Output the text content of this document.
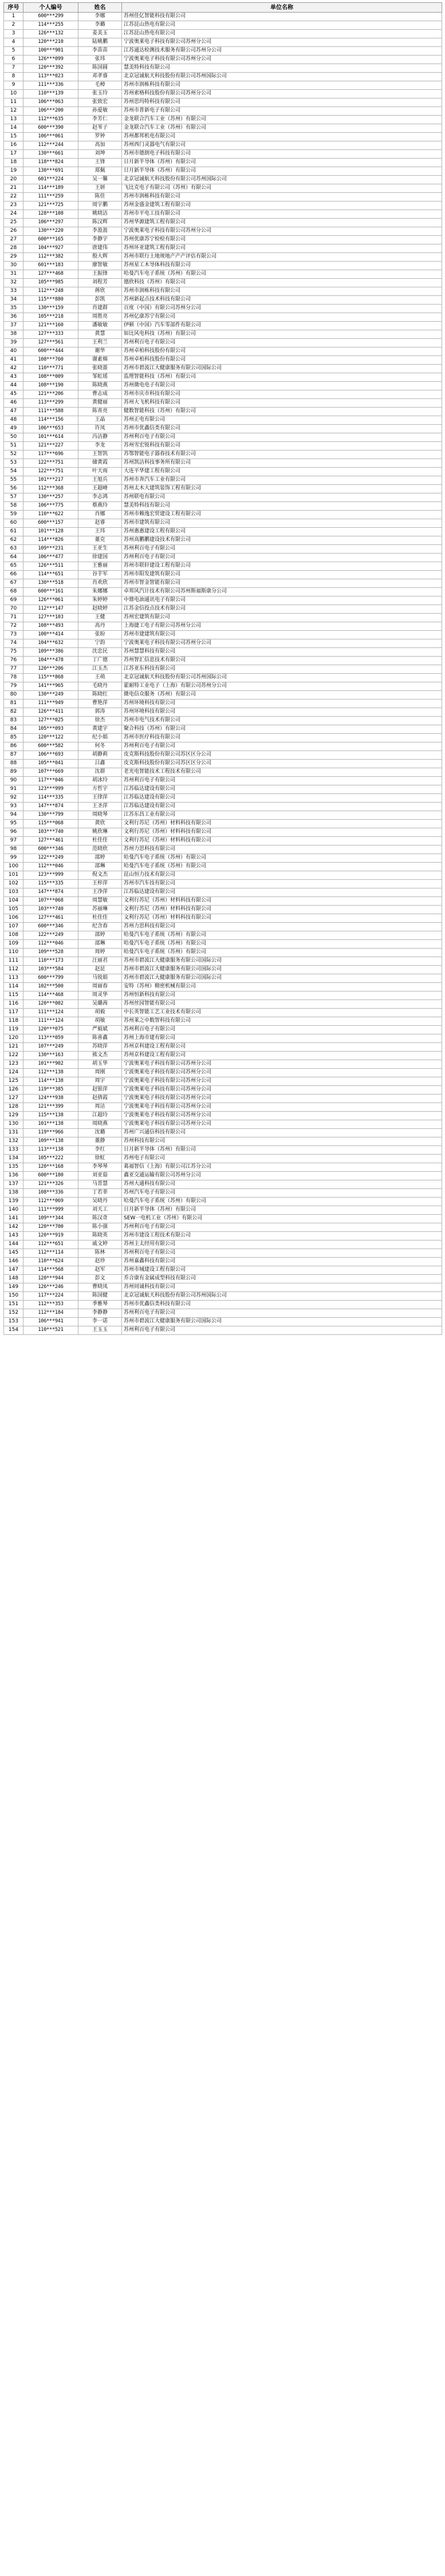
序号	个人编号	姓名	单位名称
1	600***299	李娜	苏州佳亿智能科技有限公司
2	114***255	李璐	江苏昆山热电有限公司
3	126***132	姜美玉	江苏昆山热电有限公司
4	120***210	陆姚鹏	宁波奥莱电子科技有限公司苏州分公司
5	100***901	李苗苗	江苏通达检测技术服务有限公司苏州分公司
6	126***099	张玮	宁波奥莱电子科技有限公司苏州分公司
7	120***392	陈国圆	慧美特科技有限公司
8	113***023	邓孝睿	北京冠诚航天科技股份有限公司苏州国际公司
9	111***336	毛樟	苏州市润栋科技有限公司
10	110***139	张玉玲	苏州索格科技股份有限公司苏州分公司
11	106***063	张致宏	苏州思玛特科技有限公司
12	106***200	孙爱敏	苏州市普新电子有限公司
13	112***635	李芳仁	金龙联合汽车工业（苏州）有限公司
14	600***390	赵苇子	金龙联合汽车工业（苏州）有限公司
15	106***061	罗钟	苏州都邦机电有限公司
16	112***244	高加	苏州西门灵器电气有限公司
17	130***661	刘坤	苏州市德朗电子科技有限公司
18	118***824	王锋	日月新半导体（苏州）有限公司
19	130***691	郑佩	日月新半导体（苏州）有限公司
20	601***224	吴一馨	北京冠诚航天科技股份有限公司苏州国际公司
21	114***189	王妍	飞比克电子有限公司（苏州）有限公司
22	111***259	陈佳	苏州市润栋科技有限公司
23	121***725	周宇鹏	苏州金盛金建筑工程有限公司
24	128***108	姚晓洁	苏州市平电工技有限公司
25	106***297	陈汉辉	苏州华源建筑工程有限公司
26	130***220	李盈盈	宁波奥莱电子科技有限公司苏州分公司
27	600***165	李静宇	苏州优康苏宁检检有限公司
28	104***927	唐建伟	苏州环亚建筑工程有限公司
29	112***382	殷大辉	苏州市联行土地规地产产产评估有限公司
30	601***183	廖智敏	苏州星工木导体科技有限公司
31	127***468	王振锋	哈曼汽车电子系统（苏州）有限公司
32	105***985	刘程芳	德欣科技（苏州）有限公司
33	112***248	蒋欣	苏州市润栋科技有限公司
34	115***880	彭凯	苏州新起点技术科技有限公司
35	130***159	肖建群	百度（中国）有限公司苏州分公司
36	105***218	周胜亮	苏州亿康苏宁有限公司
37	121***160	潘敏敏	伊顿（中国）汽车零部件有限公司
38	127***333	黄慧	如比风电科技（苏州）有限公司
39	127***561	王利兰	苏州利百电子有限公司
40	600***444	谢华	苏州卓柏科技股份有限公司
41	108***760	谢素棉	苏州卓柏科技股份有限公司
42	110***771	张晓蔷	苏州市碧波江大健康服务有限公司国际公司
43	108***009	邹虹瑶	监理智能科技（苏州）有限公司
44	108***190	陈晓燕	苏州微电电子有限公司
45	121***206	曹志成	苏州市庆市科技有限公司
46	113***299	黄健丽	苏州大飞机科技有限公司
47	111***588	陈青亮	健数智能科技（苏州）有限公司
48	114***156	王晶	苏州正电有限公司
49	106***653	许凤	苏州市优鑫信类有限公司
50	101***614	冯洁静	苏州利百电子有限公司
51	121***227	李龙	苏州雪宏锐科技有限公司
52	117***696	王智凯	苏鄂智能电子器春技术有限公司
53	122***751	储黄霞	苏州凯洁科技事务所有限公司
54	122***751	叶天雨	大连平华建工程有限公司
55	101***217	王旭兵	苏州市奔汽车工业有限公司
56	112***368	王超峰	苏州太木大建筑装饰工程有限公司
57	130***257	李志鸿	苏州联电有限公司
58	106***775	蔡燕玲	慧美特科技有限公司
59	110***622	肖娜	苏州市赖逸宏贸建设工程有限公司
60	600***157	赵睿	苏州市建筑有限公司
61	101***128	王玮	苏州惠惠建设工程有限公司
62	114***826	董克	苏州高鹏鹏建设技术有限公司
63	109***231	王亚生	苏州利百电子有限公司
64	106***477	徐建国	苏州利百电子有限公司
65	126***511	王雅丽	苏州市联轩建设工程有限公司
66	114***651	谷芋军	苏州市阳发建筑有限公司
67	130***518	肖欢欣	苏州市智金智能有限公司
68	600***161	朱娜娜	卓邦风汽计技术有限公司苏州斯福斯康分公司
69	126***061	朱婷婷	中鼎电油通讯电子有限公司
70	112***147	赵晓婷	江苏金信投点技术有限公司
71	127***103	王健	苏州宏建筑有限公司
72	108***493	高丹	上海捷工电子有限公司苏州分公司
73	100***414	张盼	苏州市建建筑有限公司
74	104***632	宁韵	宁波奥莱电子科技有限公司苏州分公司
75	109***386	沈忠民	苏州慧慧科技有限公司
76	104***478	丁广德	苏州智汇信息技术有限公司
77	120***206	江玉杰	江苏亚东科技有限公司
78	115***868	王萌	北京冠诚航天科技股份有限公司苏州国际公司
79	141***965	毛晓丹	霍耐特工业电子（上海）有限公司苏州分公司
80	130***249	陈晓红	微电信众服务（苏州）有限公司
81	111***949	曹艳萍	苏州环境科技有限公司
82	126***411	郭涛	苏州环境科技有限公司
83	127***025	徐杰	苏州市电气技术有限公司
84	105***093	黄建宇	聚合科技（苏州）有限公司
85	120***122	纪小娟	苏州市医疗科技有限公司
86	600***582	何冬	苏州利百电子有限公司
87	106***693	胡静莉	皮克斯科技股份有限公司苏区区分公司
88	105***041	吕鑫	皮克斯科技股份有限公司苏区区分公司
89	107***669	沈群	老光电智能技术工程技术有限公司
90	117***046	胡冰玲	苏州利百电子有限公司
91	123***999	方哲宇	江苏临达建设有限公司
92	114***335	王律萍	江苏临达建设有限公司
93	147***874	王圣萍	江苏临达建设有限公司
94	130***799	周晓琴	江苏东昌工业有限公司
95	115***068	黄欣	文利行苏尼（苏州）材料科技有限公司
96	103***740	姚欣琳	文利行苏尼（苏州）材料科技有限公司
97	127***461	杜佳佳	文利行苏尼（苏州）材料科技有限公司
98	600***346	范晓欣	苏州力思科技有限公司
99	122***249	邵婷	哈曼汽车电子系统（苏州）有限公司
100	112***046	邵琳	哈曼汽车电子系统（苏州）有限公司
101	123***999	倪文杰	昆山恒力技术有限公司
102	115***335	王梓萍	苏州市汽车技有限公司
103	147***874	王净萍	江苏临达建设有限公司
104	107***068	周慧敏	文利行苏尼（苏州）材料科技有限公司
105	103***740	苏丽琳	文利行苏尼（苏州）材料科技有限公司
106	127***461	杜佳佳	文利行苏尼（苏州）材料科技有限公司
107	600***346	纪含春	苏州力思科技有限公司
108	122***249	邵婷	哈曼汽车电子系统（苏州）有限公司
109	112***046	邵琳	哈曼汽车电子系统（苏州）有限公司
110	109***528	周婷	哈曼汽车电子系统（苏州）有限公司
111	110***173	汪丽君	苏州市碧波江大健康服务有限公司国际公司
112	103***584	赵昆	苏州市碧波江大健康服务有限公司国际公司
113	600***799	马锐娟	苏州市碧波江大健康服务有限公司国际公司
114	102***500	周丽春	安特（苏州）精密机械有限公司
115	114***468	周灵华	苏州恒新科技有限公司
116	120***002	吴璐茜	苏州丝园智能有限公司
117	111***124	胡毅	中长英智能工艺工业技术有限公司
118	111***124	胡敏	苏州莱之中数智科技有限公司
119	120***075	严毅斌	苏州利百电子有限公司
120	113***059	陈喜鑫	苏州上海市建有限公司
121	107***249	苏晓萍	苏州京科建设工程有限公司
122	130***163	熊文杰	苏州京科建设工程有限公司
123	101***902	胡玉华	宁波奥莱电子科技有限公司苏州分公司
124	112***138	周刚	宁波奥莱电子科技有限公司苏州分公司
125	114***138	周宇	宁波奥莱电子科技有限公司苏州分公司
126	119***385	赵银萍	宁波奥莱电子科技有限公司苏州分公司
127	124***938	赵倩霞	宁波奥莱电子科技有限公司苏州分公司
128	121***399	周洁	宁波奥莱电子科技有限公司苏州分公司
129	115***138	江超玲	宁波奥莱电子科技有限公司苏州分公司
130	101***138	周晓燕	宁波奥莱电子科技有限公司苏州分公司
131	119***966	沈璐	苏州广兴通信科技有限公司
132	109***138	董静	苏州科技有限公司
133	113***138	李红	日月新半导体（苏州）有限公司
134	105***222	徐虹	苏州电子有限公司
135	120***168	李琴琴	葛福智信（上海）有限公司江苏分公司
136	600***180	刘亚茹	鑫亚交通运输有限公司苏州分公司
137	121***326	马晋慧	苏州大通科技有限公司
138	108***336	丁若菲	苏州汽车电子有限公司
139	112***069	吴晓丹	哈曼汽车电子系统（苏州）有限公司
140	111***999	刘天工	日月新半导体（苏州）有限公司
141	109***344	陈汉奇	SEW一电机工业（苏州）有限公司
142	120***700	陈小强	苏州利百电子有限公司
143	120***919	陈晓英	苏州市建设工程技术有限公司
144	112***651	戚文婷	苏州主太经用有限公司
145	112***114	陈林	苏州利百电子有限公司
146	110***624	赵珍	苏州嘉鑫科技有限公司
147	114***568	赵军	苏州市城建设工程有限公司
148	120***944	彭文	乔合康有金属成型科技有限公司
149	126***246	曹晓凤	苏州同诚科技有限公司
150	117***224	陈国健	北京冠诚航天科技股份有限公司苏州国际公司
151	112***353	季雅琴	苏州市优鑫信类科技有限公司
152	112***184	李静静	苏州利百电子有限公司
153	106***941	李一诺	苏州市碧波江大健康服务有限公司国际公司
154	110***521	王玉玉	苏州利百电子有限公司
